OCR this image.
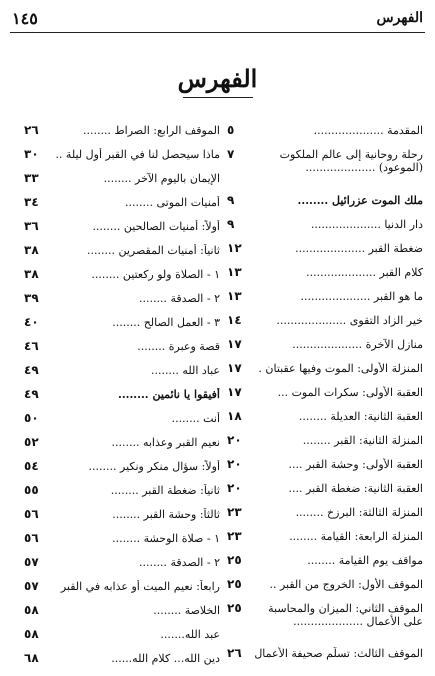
الفهرس
١٤٥
الفهرس
المقدمة ....................
٥
رحلة روحانية إلى عالم الملكوت
(الموعود) ....................
٧
ملك الموت عزرائيل ........
٩
دار الدنيا ....................
٩
ضغطة القبر ....................
١٢
كلام القبر ....................
١٣
ما هو القبر ....................
١٣
خير الزاد التقوى ....................
١٤
منازل الآخرة ....................
١٧
المنزلة الأولى: الموت وفيها عقبتان .
١٧
العقبة الأولى: سكرات الموت ...
١٧
العقبة الثانية: العديلة ........
١٨
المنزلة الثانية: القبر ........
٢٠
العقبة الأولى: وحشة القبر ....
٢٠
العقبة الثانية: ضغطة القبر ....
٢٠
المنزلة الثالثة: البرزخ ........
٢٣
المنزلة الرابعة: القيامة ........
٢٣
مواقف يوم القيامة ........
٢٥
الموقف الأول: الخروج من القبر ..
٢٥
الموقف الثاني: الميزان والمحاسبة
على الأعمال ....................
٢٥
الموقف الثالث: تسلُّم صحيفة الأعمال
٢٦
الموقف الرابع: الصراط ........
٢٦
ماذا سيحصل لنا في القبر أول ليلة ..
٣٠
الإيمان باليوم الآخر ........
٣٣
أمنيات الموتى ........
٣٤
أولاً: أمنيات الصالحين ........
٣٦
ثانياً: أمنيات المقصرين ........
٣٨
١ - الصلاة ولو ركعتين ........
٣٨
٢ - الصدقة ........
٣٩
٣ - العمل الصالح ........
٤٠
قصة وعبرة ........
٤٦
عباد الله ........
٤٩
أفيقوا يا نائمين ........
٤٩
أنت ........
٥٠
نعيم القبر وعذابه ........
٥٢
أولاً: سؤال منكر ونكير ........
٥٤
ثانياً: ضغطة القبر ........
٥٥
ثالثاً: وحشة القبر ........
٥٦
١ - صلاة الوحشة ........
٥٦
٢ - الصدقة ........
٥٧
رابعاً: نعيم الميت أو عذابه في القبر
٥٧
الخلاصة ........
٥٨
عبد الله.......
٥٨
دين الله... كلام الله......
٦٨
